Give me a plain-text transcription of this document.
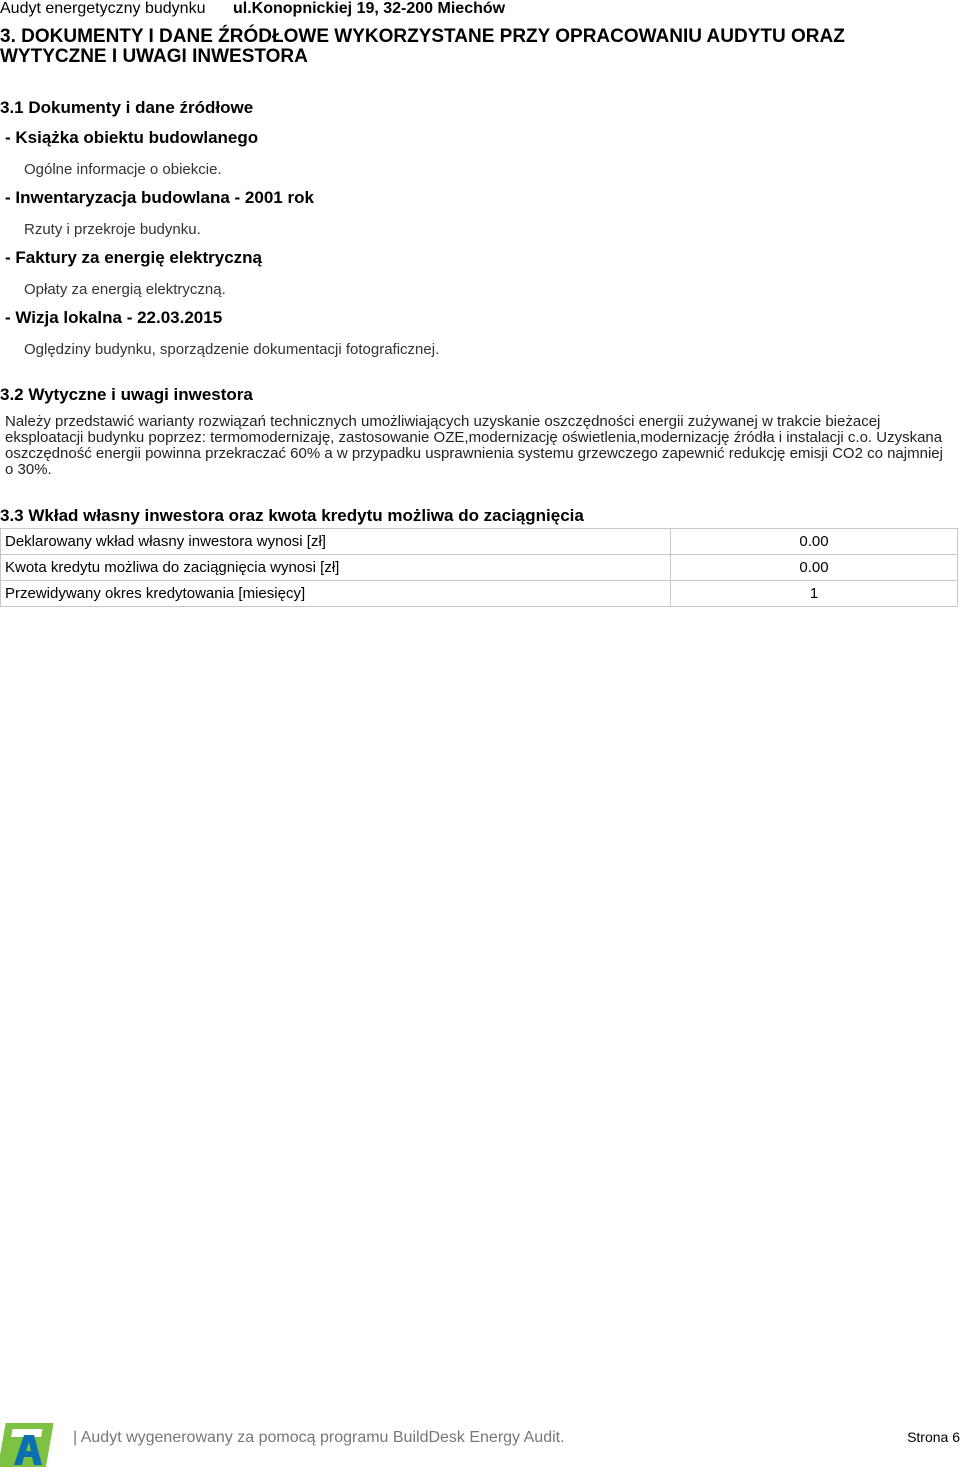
Audyt energetyczny budynku ul.Konopnickiej 19, 32-200 Miechów
3. DOKUMENTY I DANE ŹRÓDŁOWE WYKORZYSTANE PRZY OPRACOWANIU AUDYTU ORAZ WYTYCZNE I UWAGI INWESTORA
3.1 Dokumenty i dane źródłowe
- Książka obiektu budowlanego
Ogólne informacje o obiekcie.
- Inwentaryzacja budowlana - 2001 rok
Rzuty i przekroje budynku.
- Faktury za energię elektryczną
Opłaty za energią elektryczną.
- Wizja lokalna - 22.03.2015
Oględziny budynku, sporządzenie dokumentacji fotograficznej.
3.2 Wytyczne i uwagi inwestora
Należy przedstawić warianty rozwiązań technicznych umożliwiających uzyskanie oszczędności energii zużywanej w trakcie bieżacej eksploatacji budynku poprzez: termomodernizaję, zastosowanie OZE,modernizację oświetlenia,modernizację źródła i instalacji c.o. Uzyskana oszczędność energii powinna przekraczać 60% a w przypadku usprawnienia systemu grzewczego zapewnić redukcję emisji CO2 co najmniej o 30%.
3.3 Wkład własny inwestora oraz kwota kredytu możliwa do zaciągnięcia
Deklarowany wkład własny inwestora wynosi [zł]	0.00
Kwota kredytu możliwa do zaciągnięcia wynosi [zł]	0.00
Przewidywany okres kredytowania [miesięcy]	1
| Audyt wygenerowany za pomocą programu BuildDesk Energy Audit.	Strona 6
